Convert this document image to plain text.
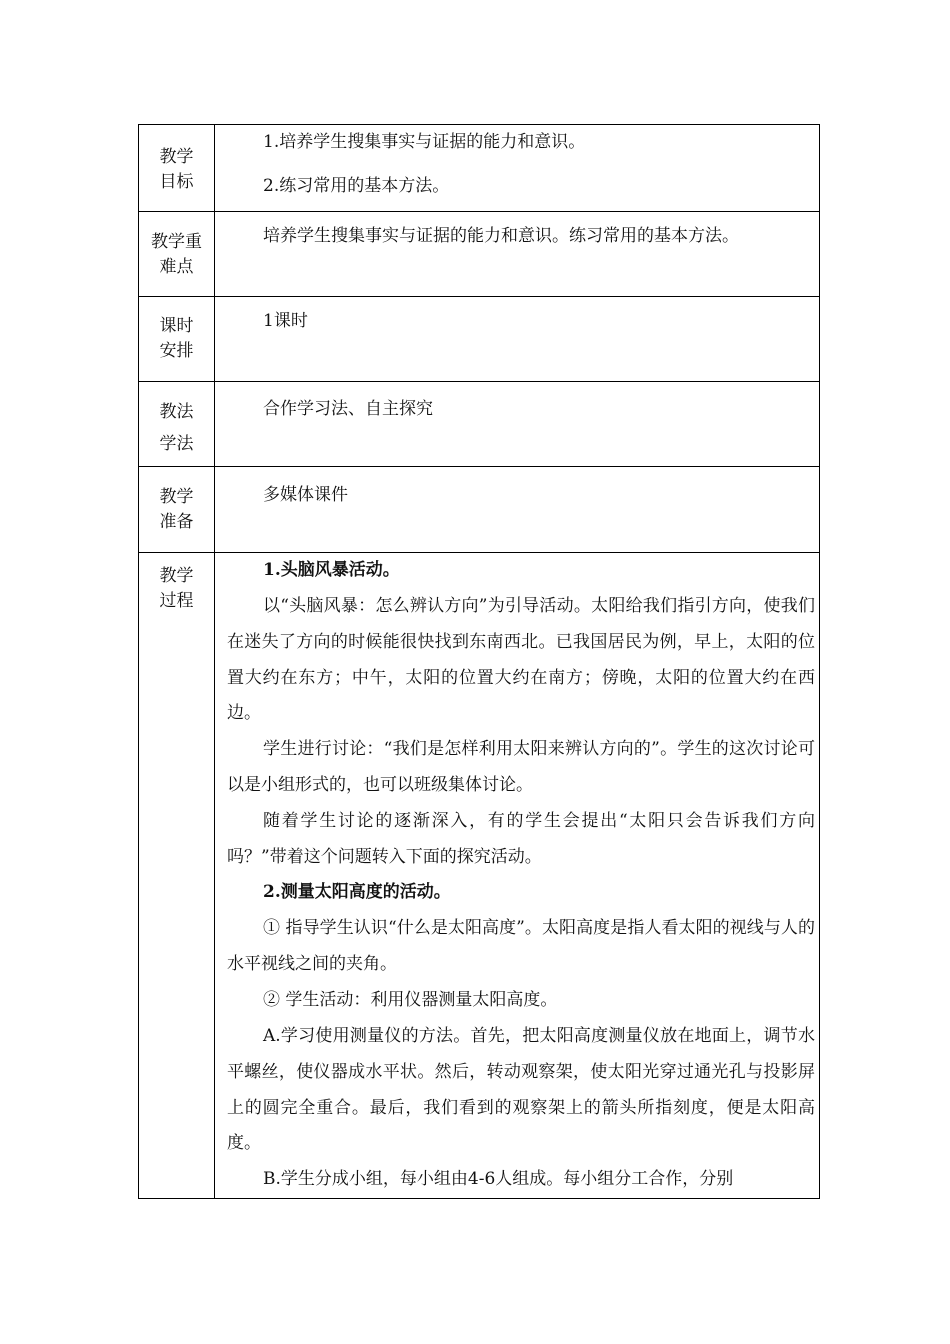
教学
目标
1.培养学生搜集事实与证据的能力和意识。
2.练习常用的基本方法。
教学重
难点
培养学生搜集事实与证据的能力和意识。练习常用的基本方法。
课时
安排
1课时
教法
学法
合作学习法、自主探究
教学
准备
多媒体课件
教学
过程
1.头脑风暴活动。
以“头脑风暴：怎么辨认方向”为引导活动。太阳给我们指引方向，使我们在迷失了方向的时候能很快找到东南西北。已我国居民为例，早上，太阳的位置大约在东方；中午，太阳的位置大约在南方；傍晚，太阳的位置大约在西边。
学生进行讨论：“我们是怎样利用太阳来辨认方向的”。学生的这次讨论可以是小组形式的，也可以班级集体讨论。
随着学生讨论的逐渐深入，有的学生会提出“太阳只会告诉我们方向吗？”带着这个问题转入下面的探究活动。
2.测量太阳高度的活动。
① 指导学生认识“什么是太阳高度”。太阳高度是指人看太阳的视线与人的水平视线之间的夹角。
② 学生活动：利用仪器测量太阳高度。
A.学习使用测量仪的方法。首先，把太阳高度测量仪放在地面上，调节水平螺丝，使仪器成水平状。然后，转动观察架，使太阳光穿过通光孔与投影屏上的圆完全重合。最后，我们看到的观察架上的箭头所指刻度，便是太阳高度。
B.学生分成小组，每小组由4-6人组成。每小组分工合作，分别
